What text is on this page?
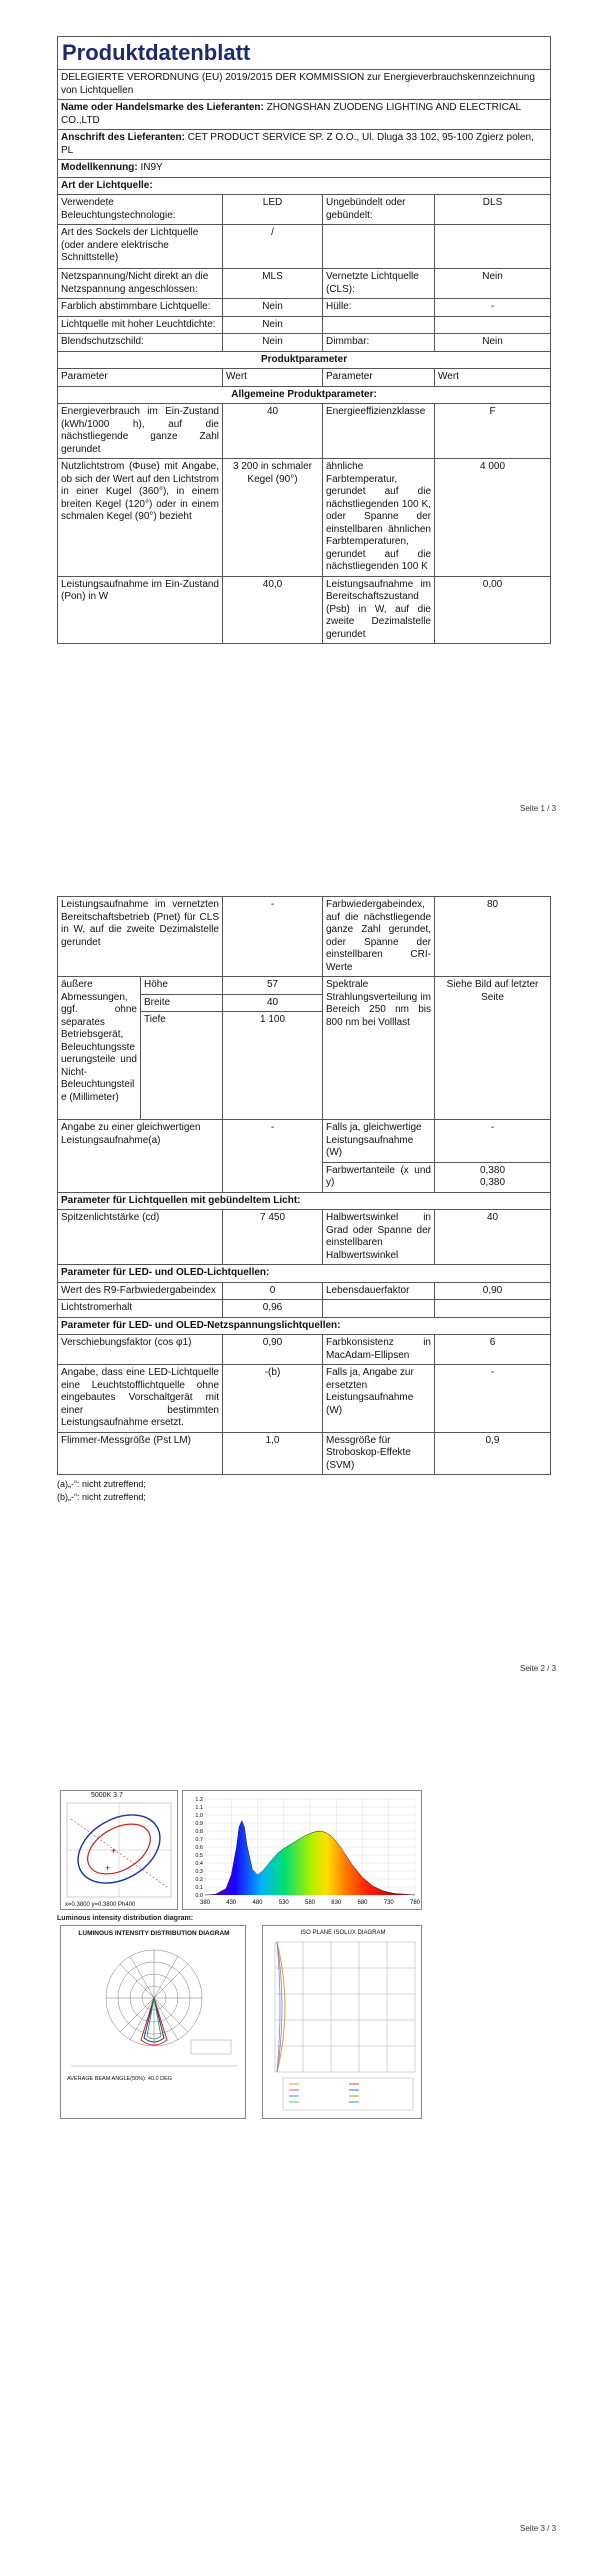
Produktdatenblatt			
DELEGIERTE VERORDNUNG (EU) 2019/2015 DER KOMMISSION zur Energieverbrauchskennzeichnung von Lichtquellen			
Name oder Handelsmarke des Lieferanten: ZHONGSHAN ZUODENG LIGHTING AND ELECTRICAL CO.,LTD			
Anschrift des Lieferanten: CET PRODUCT SERVICE SP. Z O.O., Ul. Dluga 33 102, 95-100 Zgierz polen, PL			
Modellkennung: IN9Y			
Art der Lichtquelle:			
Verwendete Beleuchtungstechnologie:	LED	Ungebündelt oder gebündelt:	DLS
Art des Sockels der Lichtquelle (oder andere elektrische Schnittstelle)	/		
Netzspannung/Nicht direkt an die Netzspannung angeschlossen:	MLS	Vernetzte Lichtquelle (CLS):	Nein
Farblich abstimmbare Lichtquelle:	Nein	Hülle:	-
Lichtquelle mit hoher Leuchtdichte:	Nein		
Blendschutzschild:	Nein	Dimmbar:	Nein
Produktparameter			
Parameter	Wert	Parameter	Wert
Allgemeine Produktparameter:			
Energieverbrauch im Ein-Zustand (kWh/1000 h), auf die nächstliegende ganze Zahl gerundet	40	Energieeffizienzklasse	F
Nutzlichtstrom (Φuse) mit Angabe, ob sich der Wert auf den Lichtstrom in einer Kugel (360°), in einem breiten Kegel (120°) oder in einem schmalen Kegel (90°) bezieht	3 200 in schmaler Kegel (90°)	ähnliche Farbtemperatur, gerundet auf die nächstliegenden 100 K, oder Spanne der einstellbaren ähnlichen Farbtemperaturen, gerundet auf die nächstliegenden 100 K	4 000
Leistungsaufnahme im Ein-Zustand (Pon) in W	40,0	Leistungsaufnahme im Bereitschaftszustand (Psb) in W, auf die zweite Dezimalstelle gerundet	0,00
Seite 1 / 3
Leistungsaufnahme im vernetzten Bereitschaftsbetrieb (Pnet) für CLS in W, auf die zweite Dezimalstelle gerundet		-	Farbwiedergabeindex, auf die nächstliegende ganze Zahl gerundet, oder Spanne der einstellbaren CRI-Werte	80
äußere Abmessungen, ggf. ohne separates Betriebsgerät, Beleuchtungssteuerungsteile und Nicht-Beleuchtungsteile (Millimeter)	Höhe	57	Spektrale Strahlungsverteilung im Bereich 250 nm bis 800 nm bei Volllast	Siehe Bild auf letzter Seite
	Breite	40		
	Tiefe	1 100		
Angabe zu einer gleichwertigen Leistungsaufnahme(a)		-	Falls ja, gleichwertige Leistungsaufnahme (W)	-
			Farbwertanteile (x und y)	0,380
0,380

Parameter für Lichtquellen mit gebündeltem Licht:				
Spitzenlichtstärke (cd)		7 450	Halbwertswinkel in Grad oder Spanne der einstellbaren Halbwertswinkel	40
Parameter für LED- und OLED-Lichtquellen:				
Wert des R9-Farbwiedergabeindex		0	Lebensdauerfaktor	0,90
Lichtstromerhalt		0,96		
Parameter für LED- und OLED-Netzspannungslichtquellen:				
Verschiebungsfaktor (cos φ1)		0,90	Farbkonsistenz in MacAdam-Ellipsen	6
Angabe, dass eine LED-Lichtquelle eine Leuchtstofflichtquelle ohne eingebautes Vorschaltgerät mit einer bestimmten Leistungsaufnahme ersetzt.		-(b)	Falls ja, Angabe zur ersetzten Leistungsaufnahme (W)	-
Flimmer-Messgröße (Pst LM)		1,0	Messgröße für Stroboskop-Effekte (SVM)	0,9
(a)„-“: nicht zutreffend;
(b)„-“: nicht zutreffend;
Seite 2 / 3
5000K 3.7
+
+
x=0.3800 y=0.3800 Ph400	380	430	480	530	580	630	680	730	780
0.0
0.1
0.2
0.3
0.4
0.5
0.6
0.7
0.8
0.9
1.0
1.1
1.2
Luminous intensity distribution diagram:
LUMINOUS INTENSITY DISTRIBUTION DIAGRAM
AVERAGE BEAM ANGLE(50%): 40.0 DEG
ISO PLANE ISOLUX DIAGRAM
Seite 3 / 3
